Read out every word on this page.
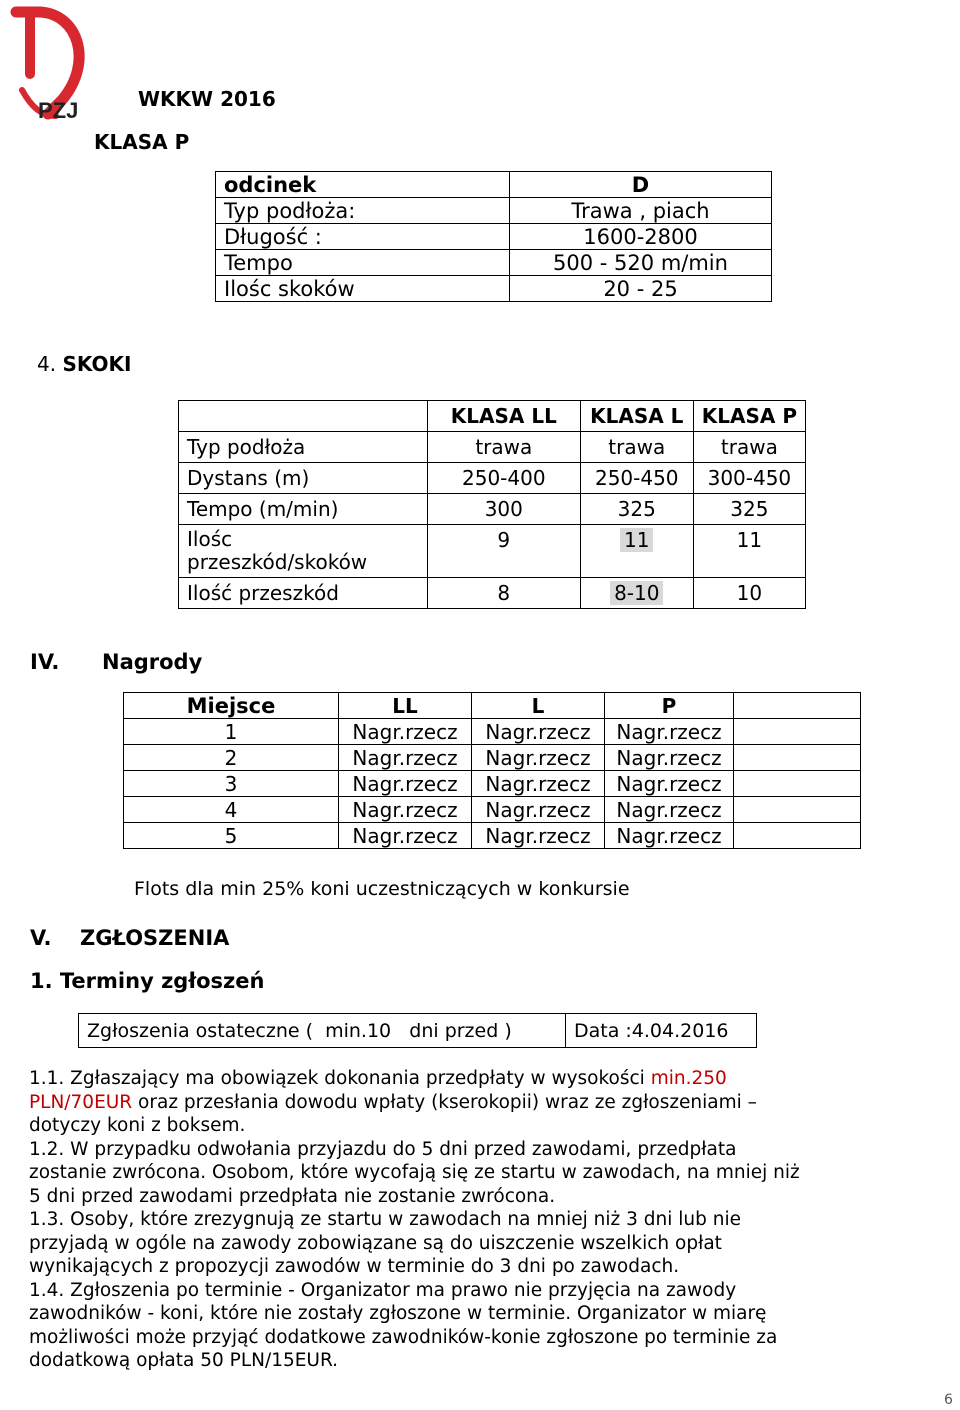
PZJ	WKKW 2016
KLASA P
odcinek	D
Typ podłoża:	Trawa , piach
Długość :	1600-2800
Tempo	500 - 520 m/min
Ilośc skoków	20 - 25
4. SKOKI
	KLASA LL	KLASA L	KLASA P
Typ podłoża	trawa	trawa	trawa
Dystans (m)	250-400	250-450	300-450
Tempo (m/min)	300	325	325
Ilośc
przeszkód/skoków	9	11	11
Ilość przeszkód	8	8-10	10
IV. Nagrody
Miejsce	LL	L	P	
1	Nagr.rzecz	Nagr.rzecz	Nagr.rzecz	
2	Nagr.rzecz	Nagr.rzecz	Nagr.rzecz	
3	Nagr.rzecz	Nagr.rzecz	Nagr.rzecz	
4	Nagr.rzecz	Nagr.rzecz	Nagr.rzecz	
5	Nagr.rzecz	Nagr.rzecz	Nagr.rzecz	
Flots dla min 25% koni uczestniczących w konkursie
V. ZGŁOSZENIA
1. Terminy zgłoszeń
Zgłoszenia ostateczne (  min.10   dni przed )	Data :4.04.2016
1.1. Zgłaszający ma obowiązek dokonania przedpłaty w wysokości min.250
PLN/70EUR oraz przesłania dowodu wpłaty (kserokopii) wraz ze zgłoszeniami –
dotyczy koni z boksem.
1.2. W przypadku odwołania przyjazdu do 5 dni przed zawodami, przedpłata
zostanie zwrócona. Osobom, które wycofają się ze startu w zawodach, na mniej niż
5 dni przed zawodami przedpłata nie zostanie zwrócona.
1.3. Osoby, które zrezygnują ze startu w zawodach na mniej niż 3 dni lub nie
przyjadą w ogóle na zawody zobowiązane są do uiszczenie wszelkich opłat
wynikających z propozycji zawodów w terminie do 3 dni po zawodach.
1.4. Zgłoszenia po terminie - Organizator ma prawo nie przyjęcia na zawody
zawodników - koni, które nie zostały zgłoszone w terminie. Organizator w miarę
możliwości może przyjąć dodatkowe zawodników-konie zgłoszone po terminie za
dodatkową opłata 50 PLN/15EUR.
6
